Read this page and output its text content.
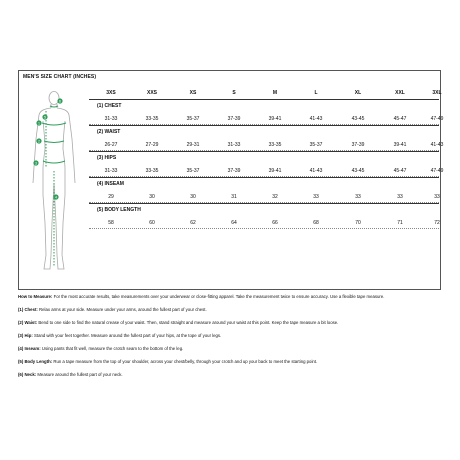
MEN'S SIZE CHART (INCHES)
1
2
3
4
5
6
3XS	XXS	XS	S	M	L	XL	XXL	3XL
(1) CHEST
31-33	33-35	35-37	37-39	39-41	41-43	43-45	45-47	47-49
(2) WAIST
26-27	27-29	29-31	31-33	33-35	35-37	37-39	39-41	41-43
(3) HIPS
31-33	33-35	35-37	37-39	39-41	41-43	43-45	45-47	47-49
(4) INSEAM
29	30	30	31	32	33	33	33	33
(5) BODY LENGTH
58	60	62	64	66	68	70	71	72

How to Measure: For the most accurate results, take measurements over your underwear or close-fitting apparel. Take the measurement twice to ensure accuracy. Use a flexible tape measure.

(1) Chest: Relax arms at your side. Measure under your arms, around the fullest part of your chest.

(2) Waist: Bend to one side to find the natural crease of your waist. Then, stand straight and measure around your waist at this point. Keep the tape measure a bit loose.

(3) Hip: Stand with your feet together. Measure around the fullest part of your hips, at the tope of your legs.

(4) Inseam: Using pants that fit well, measure the crotch seam to the bottom of the leg.

(5) Body Length: Run a tape measure from the top of your shoulder, across your chest/belly, through your crotch and up your back to meet the starting point.

(6) Neck: Measure around the fullest part of your neck.
